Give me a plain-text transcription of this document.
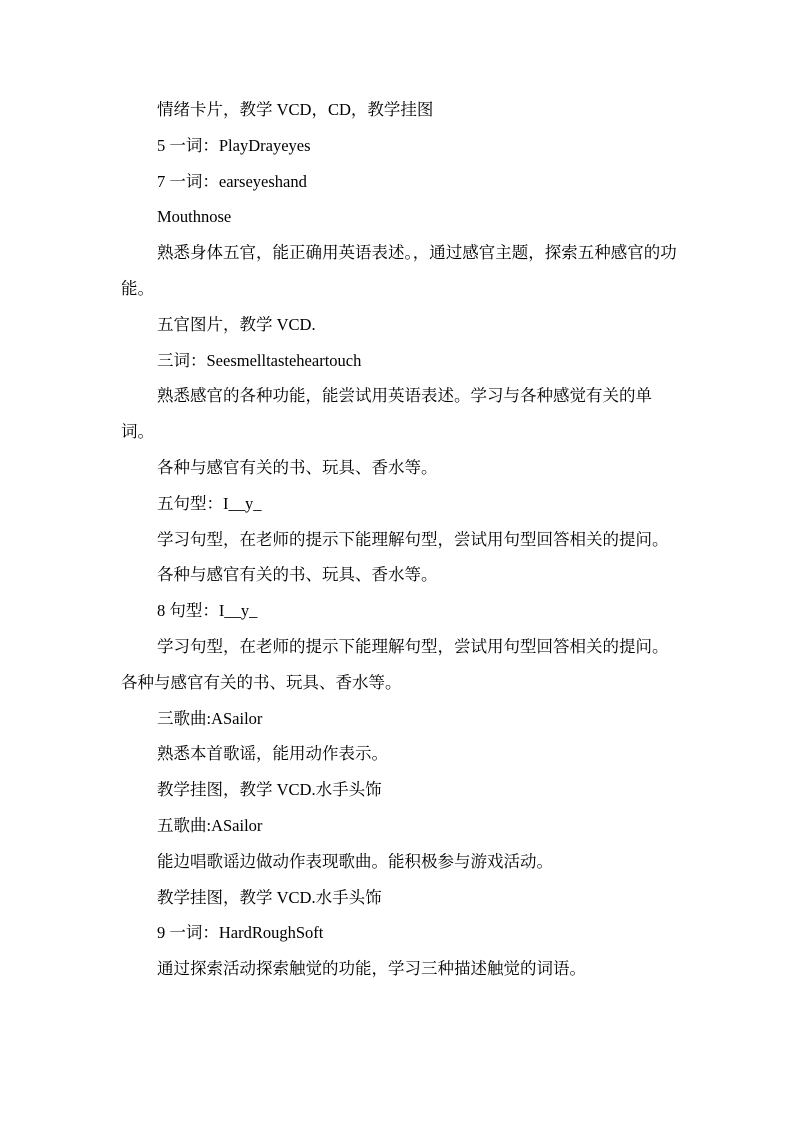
情绪卡片，教学 VCD，CD，教学挂图

5 一词：PlayDrayeyes

7 一词：earseyeshand

Mouthnose

熟悉身体五官，能正确用英语表述。，通过感官主题，探索五种感官的功能。

五官图片，教学 VCD.

三词：Seesmelltasteheartouch

熟悉感官的各种功能，能尝试用英语表述。学习与各种感觉有关的单词。

各种与感官有关的书、玩具、香水等。

五句型：I__y_

学习句型，在老师的提示下能理解句型，尝试用句型回答相关的提问。

各种与感官有关的书、玩具、香水等。

8 句型：I__y_

学习句型，在老师的提示下能理解句型，尝试用句型回答相关的提问。各种与感官有关的书、玩具、香水等。

三歌曲:ASailor

熟悉本首歌谣，能用动作表示。

教学挂图，教学 VCD.水手头饰

五歌曲:ASailor

能边唱歌谣边做动作表现歌曲。能积极参与游戏活动。

教学挂图，教学 VCD.水手头饰

9 一词：HardRoughSoft

通过探索活动探索触觉的功能，学习三种描述触觉的词语。
